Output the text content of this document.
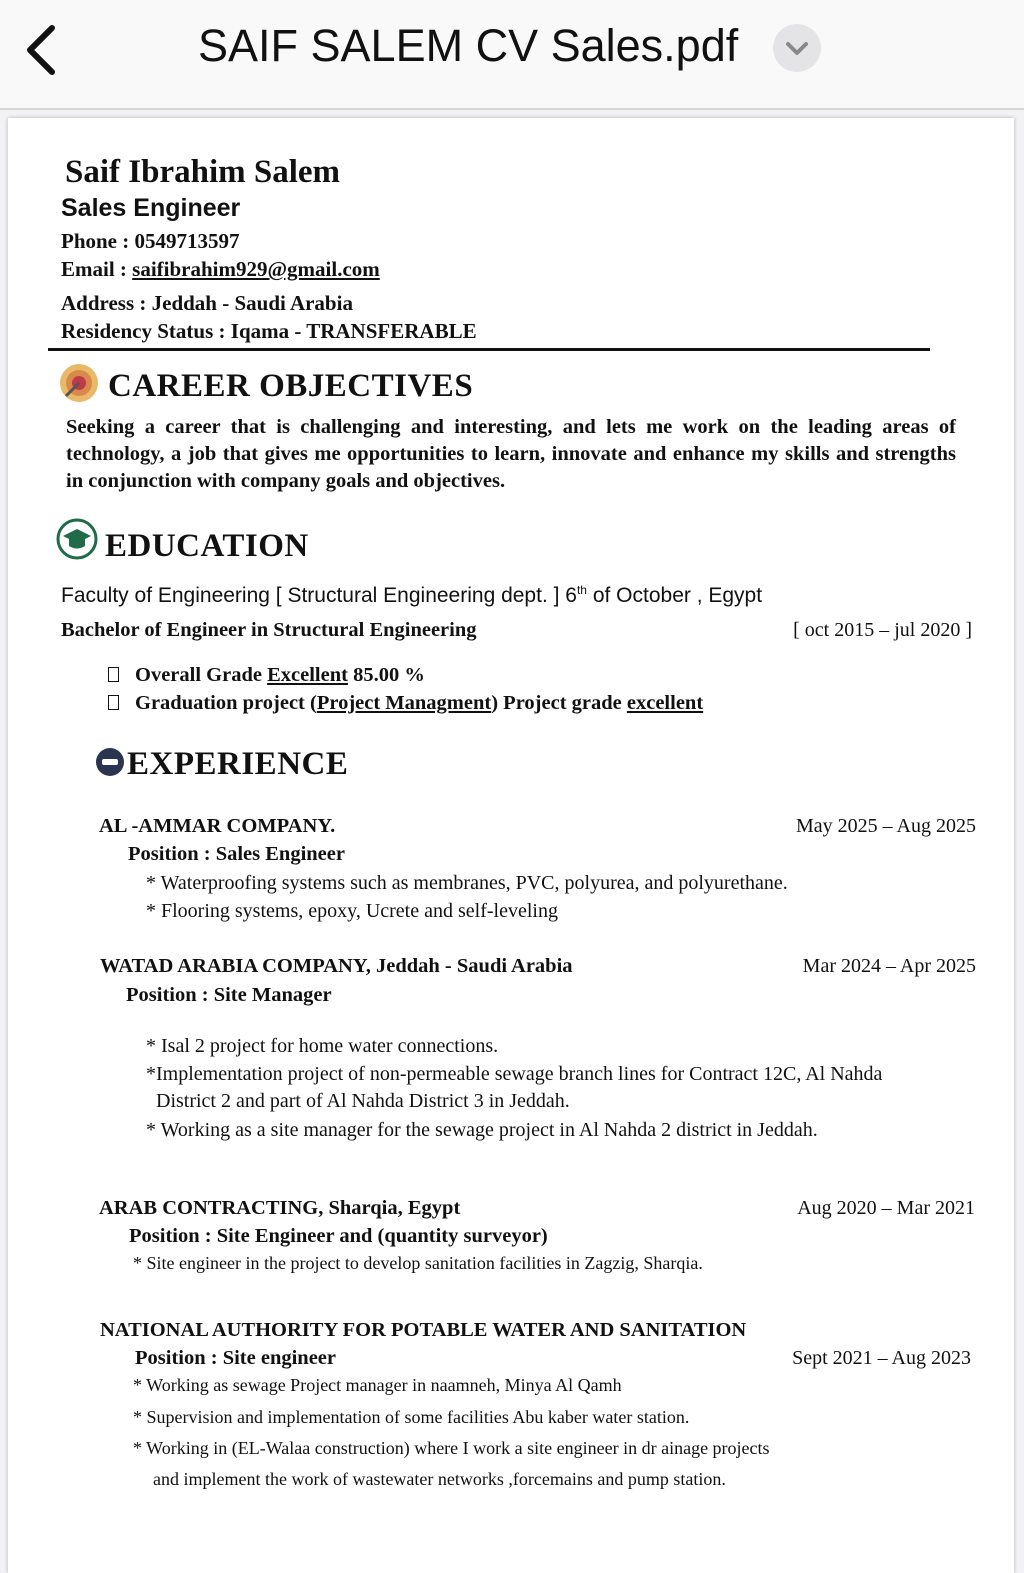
SAIF SALEM CV Sales.pdf
Saif Ibrahim Salem
Sales Engineer
Phone : 0549713597
Email : saifibrahim929@gmail.com
Address : Jeddah - Saudi Arabia
Residency Status : Iqama - TRANSFERABLE
CAREER OBJECTIVES
Seeking a career that is challenging and interesting, and lets me work on the leading areas of technology, a job that gives me opportunities to learn, innovate and enhance my skills and strengths in conjunction with company goals and objectives.
EDUCATION
Faculty of Engineering [ Structural Engineering dept. ] 6th of October , Egypt
Bachelor of Engineer in Structural Engineering	[ oct 2015 – jul 2020 ]
Overall Grade Excellent 85.00 %
Graduation project (Project Managment) Project grade excellent
EXPERIENCE
AL -AMMAR COMPANY.	May 2025 – Aug 2025
Position : Sales Engineer
* Waterproofing systems such as membranes, PVC, polyurea, and polyurethane.
* Flooring systems, epoxy, Ucrete and self-leveling
WATAD ARABIA COMPANY, Jeddah - Saudi Arabia	Mar 2024 – Apr 2025
Position : Site Manager
* Isal 2 project for home water connections.
*Implementation project of non-permeable sewage branch lines for Contract 12C, Al Nahda
District 2 and part of Al Nahda District 3 in Jeddah.
* Working as a site manager for the sewage project in Al Nahda 2 district in Jeddah.
ARAB CONTRACTING, Sharqia, Egypt	Aug 2020 – Mar 2021
Position : Site Engineer and (quantity surveyor)
* Site engineer in the project to develop sanitation facilities in Zagzig, Sharqia.
NATIONAL AUTHORITY FOR POTABLE WATER AND SANITATION
Position : Site engineer	Sept 2021 – Aug 2023
* Working as sewage Project manager in naamneh, Minya Al Qamh
* Supervision and implementation of some facilities Abu kaber water station.
* Working in (EL-Walaa construction) where I work a site engineer in dr ainage projects
and implement the work of wastewater networks ,forcemains and pump station.
